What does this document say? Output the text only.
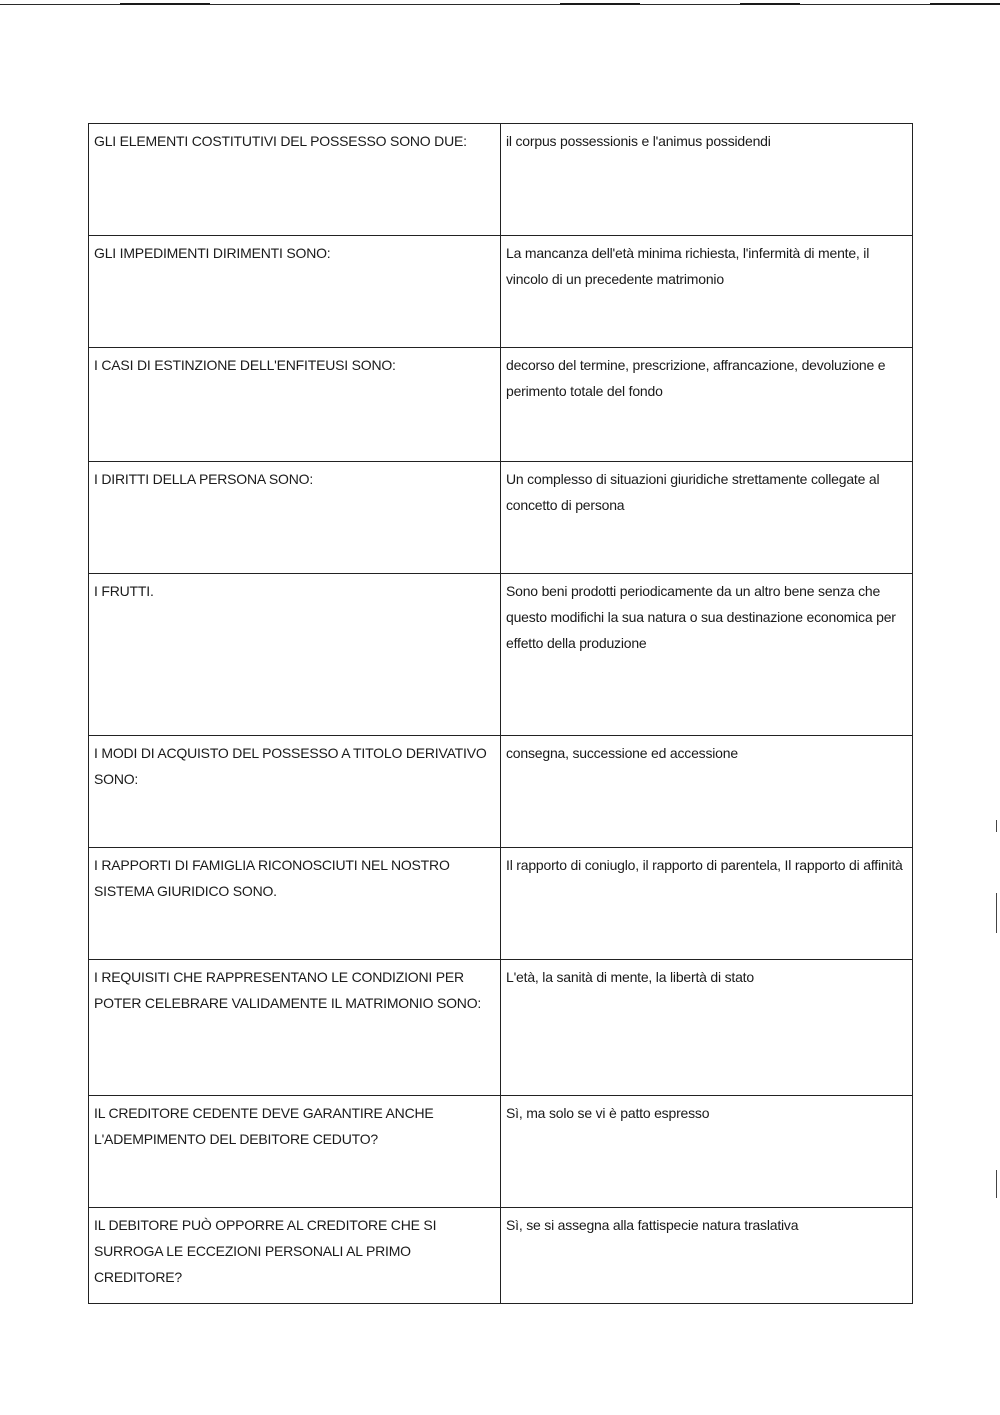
GLI ELEMENTI COSTITUTIVI DEL POSSESSO SONO DUE:	il corpus possessionis e l'animus possidendi
GLI IMPEDIMENTI DIRIMENTI SONO:	La mancanza dell'età minima richiesta, l'infermità di mente, il vincolo di un precedente matrimonio
I CASI DI ESTINZIONE DELL'ENFITEUSI SONO:	decorso del termine, prescrizione, affrancazione, devoluzione e perimento totale del fondo
I DIRITTI DELLA PERSONA SONO:	Un complesso di situazioni giuridiche strettamente collegate al concetto di persona
I FRUTTI.	Sono beni prodotti periodicamente da un altro bene senza che questo modifichi la sua natura o sua destinazione economica per effetto della produzione
I MODI DI ACQUISTO DEL POSSESSO A TITOLO DERIVATIVO SONO:	consegna, successione ed accessione
I RAPPORTI DI FAMIGLIA RICONOSCIUTI NEL NOSTRO SISTEMA GIURIDICO SONO.	Il rapporto di coniuglo, il rapporto di parentela, Il rapporto di affinità
I REQUISITI CHE RAPPRESENTANO LE CONDIZIONI PER POTER CELEBRARE VALIDAMENTE IL MATRIMONIO SONO:	L'età, la sanità di mente, la libertà di stato
IL CREDITORE CEDENTE DEVE GARANTIRE ANCHE L'ADEMPIMENTO DEL DEBITORE CEDUTO?	Sì, ma solo se vi è patto espresso
IL DEBITORE PUÒ OPPORRE AL CREDITORE CHE SI SURROGA LE ECCEZIONI PERSONALI AL PRIMO CREDITORE?	Sì, se si assegna alla fattispecie natura traslativa
